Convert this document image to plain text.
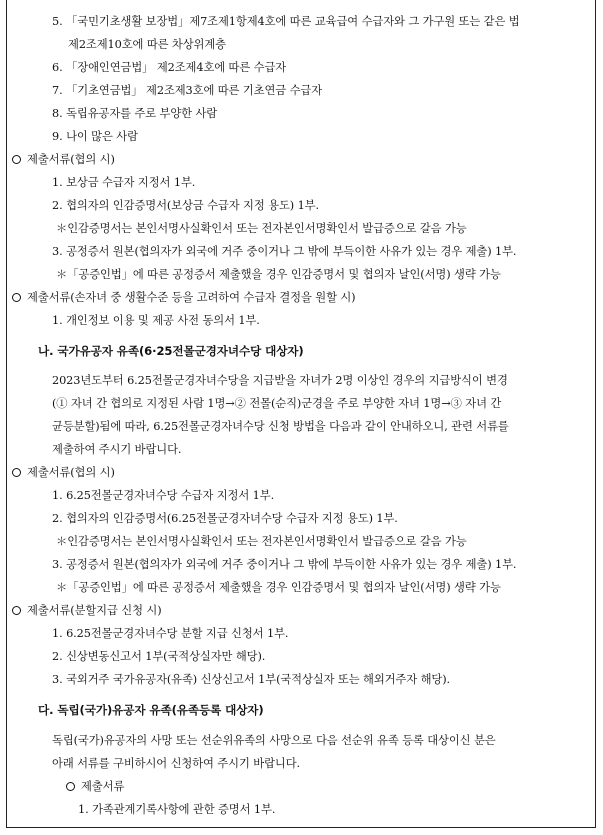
5. 「국민기초생활 보장법」제7조제1항제4호에 따른 교육급여 수급자와 그 가구원 또는 같은 법
제2조제10호에 따른 차상위계층
6. 「장애인연금법」 제2조제4호에 따른 수급자
7. 「기초연금법」 제2조제3호에 따른 기초연금 수급자
8. 독립유공자를 주로 부양한 사람
9. 나이 많은 사람
제출서류(협의 시)
1. 보상금 수급자 지정서 1부.
2. 협의자의 인감증명서(보상금 수급자 지정 용도) 1부.
＊인감증명서는 본인서명사실확인서 또는 전자본인서명확인서 발급증으로 갈음 가능
3. 공정증서 원본(협의자가 외국에 거주 중이거나 그 밖에 부득이한 사유가 있는 경우 제출) 1부.
＊「공증인법」에 따른 공정증서 제출했을 경우 인감증명서 및 협의자 날인(서명) 생략 가능
제출서류(손자녀 중 생활수준 등을 고려하여 수급자 결정을 원할 시)
1. 개인정보 이용 및 제공 사전 동의서 1부.
나. 국가유공자 유족(6·25전몰군경자녀수당 대상자)
2023년도부터 6.25전몰군경자녀수당을 지급받을 자녀가 2명 이상인 경우의 지급방식이 변경
(① 자녀 간 협의로 지정된 사람 1명→② 전몰(순직)군경을 주로 부양한 자녀 1명→③ 자녀 간
균등분할)됨에 따라, 6.25전몰군경자녀수당 신청 방법을 다음과 같이 안내하오니, 관련 서류를
제출하여 주시기 바랍니다.
제출서류(협의 시)
1. 6.25전몰군경자녀수당 수급자 지정서 1부.
2. 협의자의 인감증명서(6.25전몰군경자녀수당 수급자 지정 용도) 1부.
＊인감증명서는 본인서명사실확인서 또는 전자본인서명확인서 발급증으로 갈음 가능
3. 공정증서 원본(협의자가 외국에 거주 중이거나 그 밖에 부득이한 사유가 있는 경우 제출) 1부.
＊「공증인법」에 따른 공정증서 제출했을 경우 인감증명서 및 협의자 날인(서명) 생략 가능
제출서류(분할지급 신청 시)
1. 6.25전몰군경자녀수당 분할 지급 신청서 1부.
2. 신상변동신고서 1부(국적상실자만 해당).
3. 국외거주 국가유공자(유족) 신상신고서 1부(국적상실자 또는 해외거주자 해당).
다. 독립(국가)유공자 유족(유족등록 대상자)
독립(국가)유공자의 사망 또는 선순위유족의 사망으로 다음 선순위 유족 등록 대상이신 분은
아래 서류를 구비하시어 신청하여 주시기 바랍니다.
제출서류
1. 가족관계기록사항에 관한 증명서 1부.
